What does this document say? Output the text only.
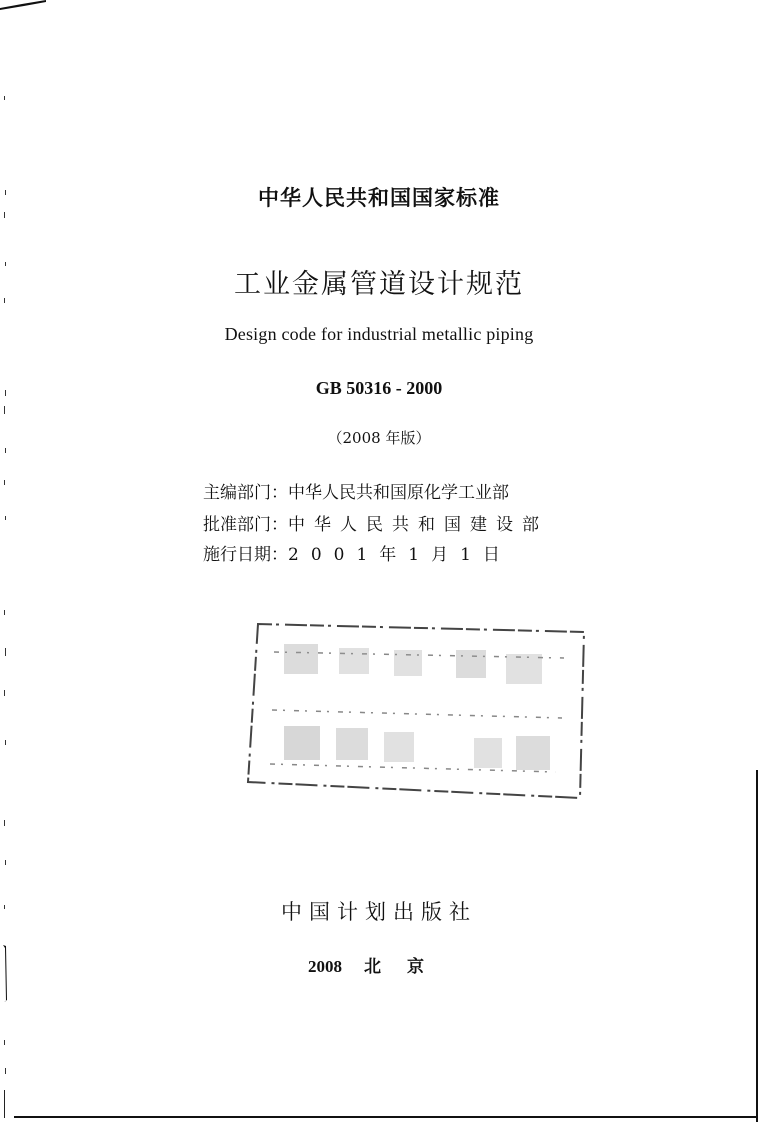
中华人民共和国国家标准
工业金属管道设计规范
Design code for industrial metallic piping
GB 50316 - 2000
（2008 年版）
主编部门：中华人民共和国原化学工业部
批准部门：中华人民共和国建设部
施行日期：2001年1月1日
中国计划出版社
2008 北京
